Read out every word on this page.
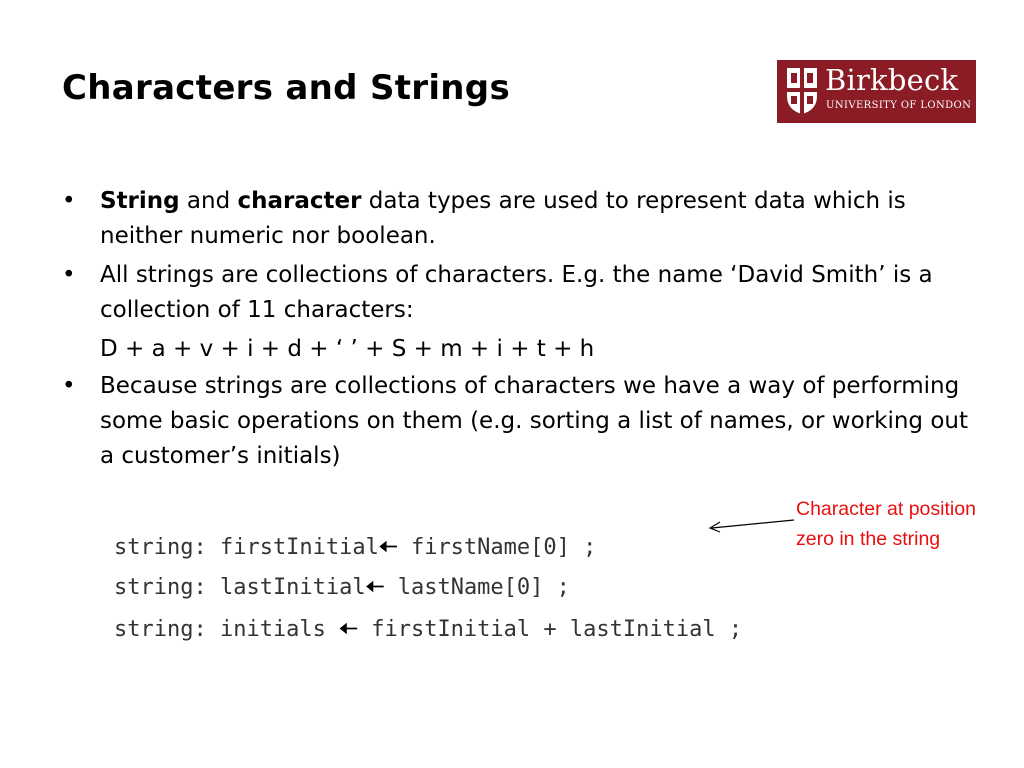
Characters and Strings	Birkbeck
UNIVERSITY OF LONDON
• String and character data types are used to represent data which is neither numeric nor boolean.
• All strings are collections of characters. E.g. the name ‘David Smith’ is a collection of 11 characters:
D + a + v + i + d + ‘ ’ + S + m + i + t + h
• Because strings are collections of characters we have a way of performing some basic operations on them (e.g. sorting a list of names, or working out a customer’s initials)
string: firstInitial🠠 firstName[0] ;
string: lastInitial🠠 lastName[0] ;
string: initials 🠠 firstInitial + lastInitial ;
Character at position zero in the string
